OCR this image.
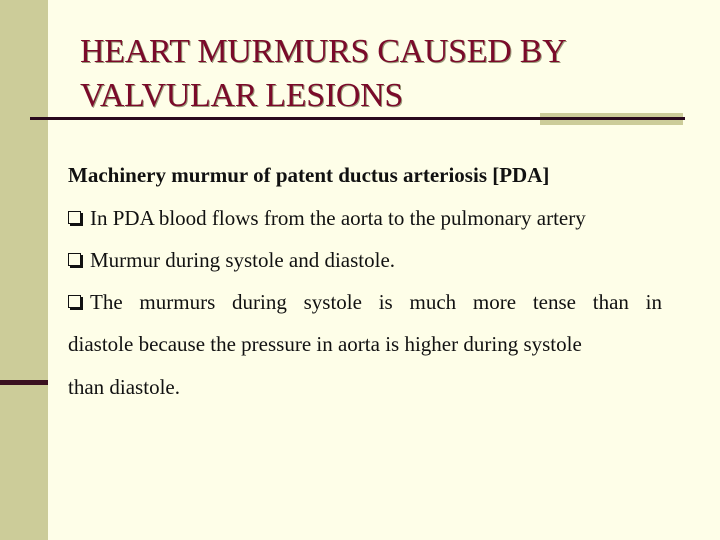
HEART MURMURS CAUSED BY VALVULAR LESIONS

Machinery murmur of patent ductus arteriosis [PDA]

In PDA blood flows from the aorta to the pulmonary artery

Murmur during systole and diastole.

The murmurs during systole is much more tense than in

diastole because the pressure in aorta is higher during systole

than diastole.
